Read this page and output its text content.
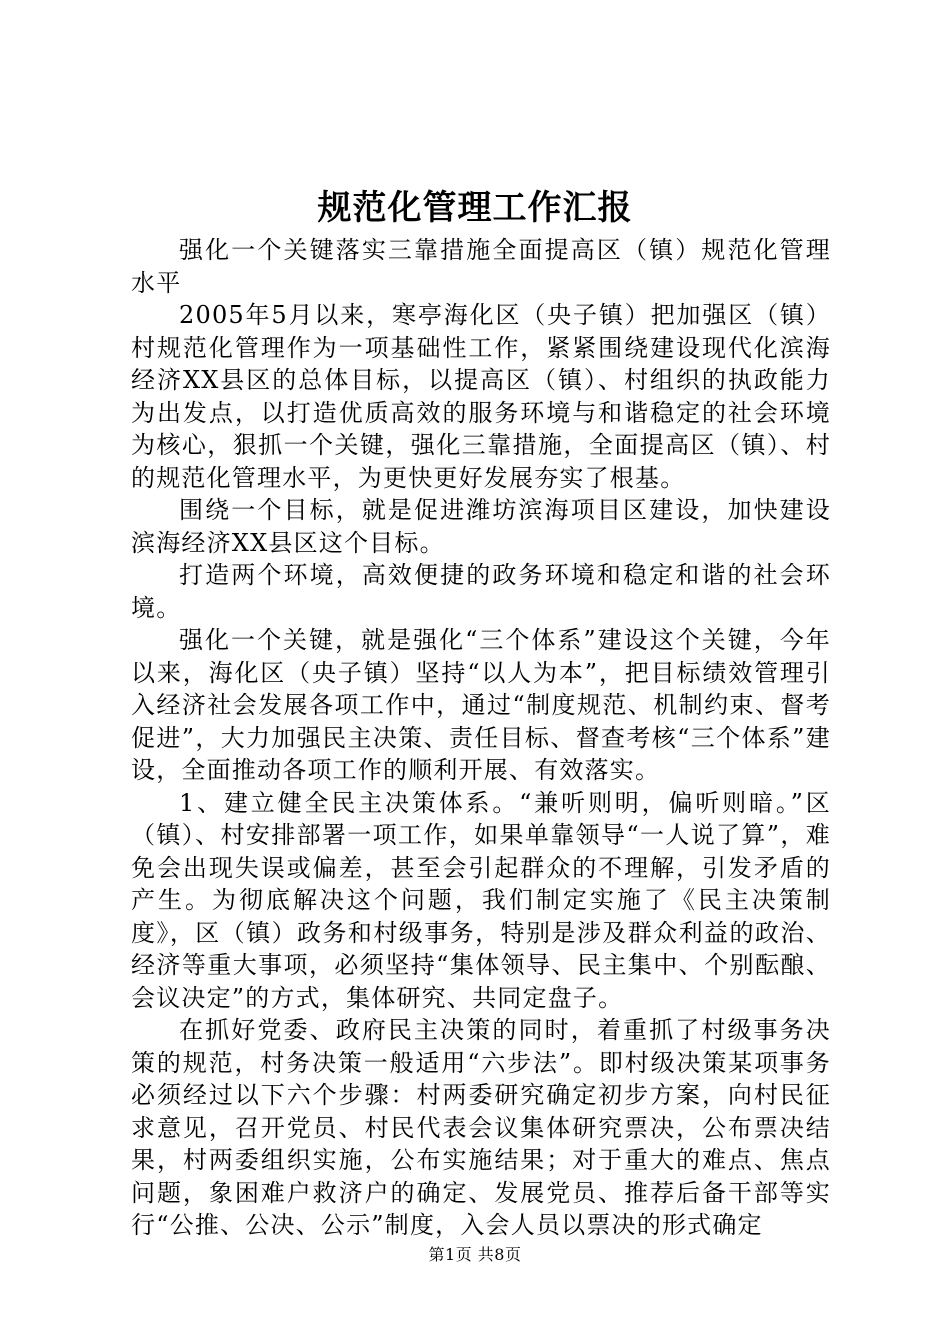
规范化管理工作汇报

强化一个关键落实三靠措施全面提高区（镇）规范化管理水平

2005年5月以来，寒亭海化区（央子镇）把加强区（镇）村规范化管理作为一项基础性工作，紧紧围绕建设现代化滨海经济XX县区的总体目标，以提高区（镇）、村组织的执政能力为出发点，以打造优质高效的服务环境与和谐稳定的社会环境为核心，狠抓一个关键，强化三靠措施，全面提高区（镇）、村的规范化管理水平，为更快更好发展夯实了根基。

围绕一个目标，就是促进潍坊滨海项目区建设，加快建设滨海经济XX县区这个目标。

打造两个环境，高效便捷的政务环境和稳定和谐的社会环境。

强化一个关键，就是强化“三个体系”建设这个关键，今年以来，海化区（央子镇）坚持“以人为本”，把目标绩效管理引入经济社会发展各项工作中，通过“制度规范、机制约束、督考促进”，大力加强民主决策、责任目标、督查考核“三个体系”建设，全面推动各项工作的顺利开展、有效落实。

1、建立健全民主决策体系。“兼听则明，偏听则暗。”区（镇）、村安排部署一项工作，如果单靠领导“一人说了算”，难免会出现失误或偏差，甚至会引起群众的不理解，引发矛盾的产生。为彻底解决这个问题，我们制定实施了《民主决策制度》，区（镇）政务和村级事务，特别是涉及群众利益的政治、经济等重大事项，必须坚持“集体领导、民主集中、个别酝酿、会议决定”的方式，集体研究、共同定盘子。

在抓好党委、政府民主决策的同时，着重抓了村级事务决策的规范，村务决策一般适用“六步法”。即村级决策某项事务必须经过以下六个步骤：村两委研究确定初步方案，向村民征求意见，召开党员、村民代表会议集体研究票决，公布票决结果，村两委组织实施，公布实施结果；对于重大的难点、焦点问题，象困难户救济户的确定、发展党员、推荐后备干部等实行“公推、公决、公示”制度，入会人员以票决的形式确定

第1页 共8页
